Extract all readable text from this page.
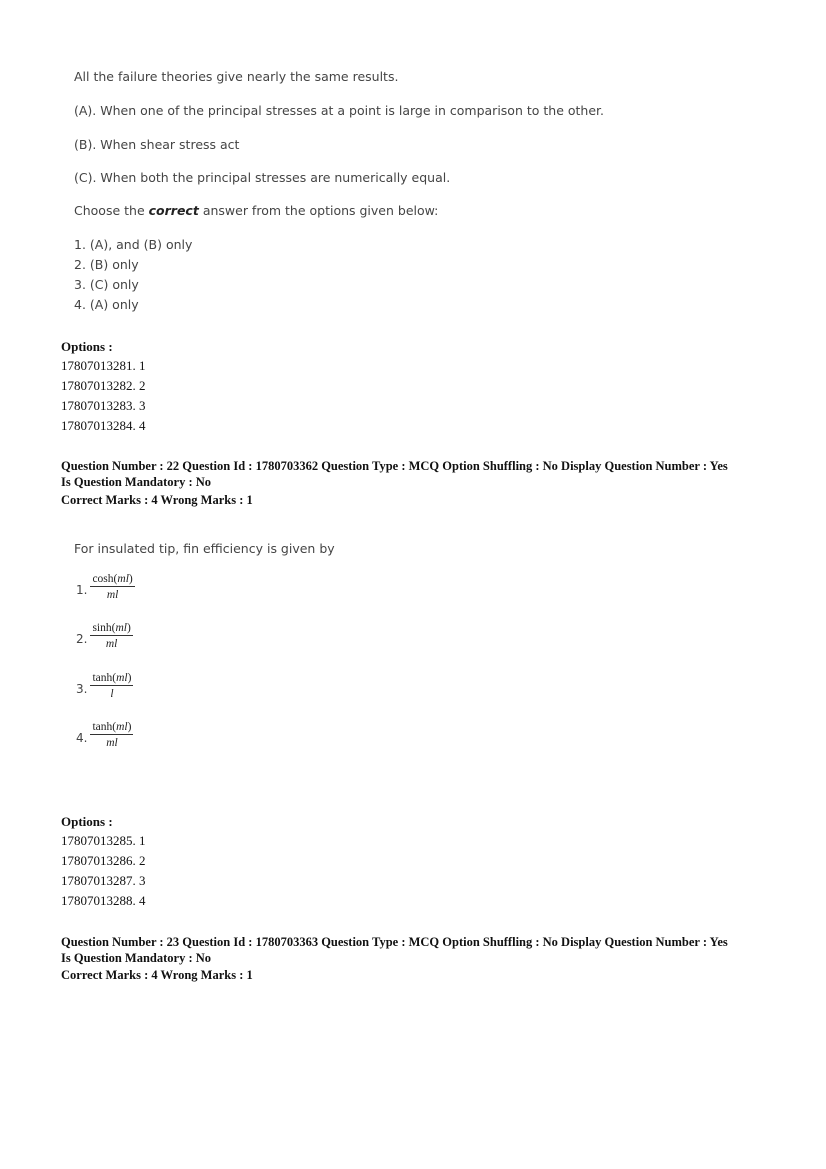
All the failure theories give nearly the same results.
(A). When one of the principal stresses at a point is large in comparison to the other.
(B). When shear stress act
(C). When both the principal stresses are numerically equal.
Choose the correct answer from the options given below:
1. (A), and (B) only
2. (B) only
3. (C) only
4. (A) only
Options :
17807013281. 1
17807013282. 2
17807013283. 3
17807013284. 4
Question Number : 22 Question Id : 1780703362 Question Type : MCQ Option Shuffling : No Display Question Number : Yes
Is Question Mandatory : No
Correct Marks : 4 Wrong Marks : 1
For insulated tip, fin efficiency is given by
1. $\frac{\cosh(ml)}{ml}$
2. $\frac{\sinh(ml)}{ml}$
3. $\frac{\tanh(ml)}{l}$
4. $\frac{\tanh(ml)}{ml}$
Options :
17807013285. 1
17807013286. 2
17807013287. 3
17807013288. 4
Question Number : 23 Question Id : 1780703363 Question Type : MCQ Option Shuffling : No Display Question Number : Yes
Is Question Mandatory : No
Correct Marks : 4 Wrong Marks : 1
